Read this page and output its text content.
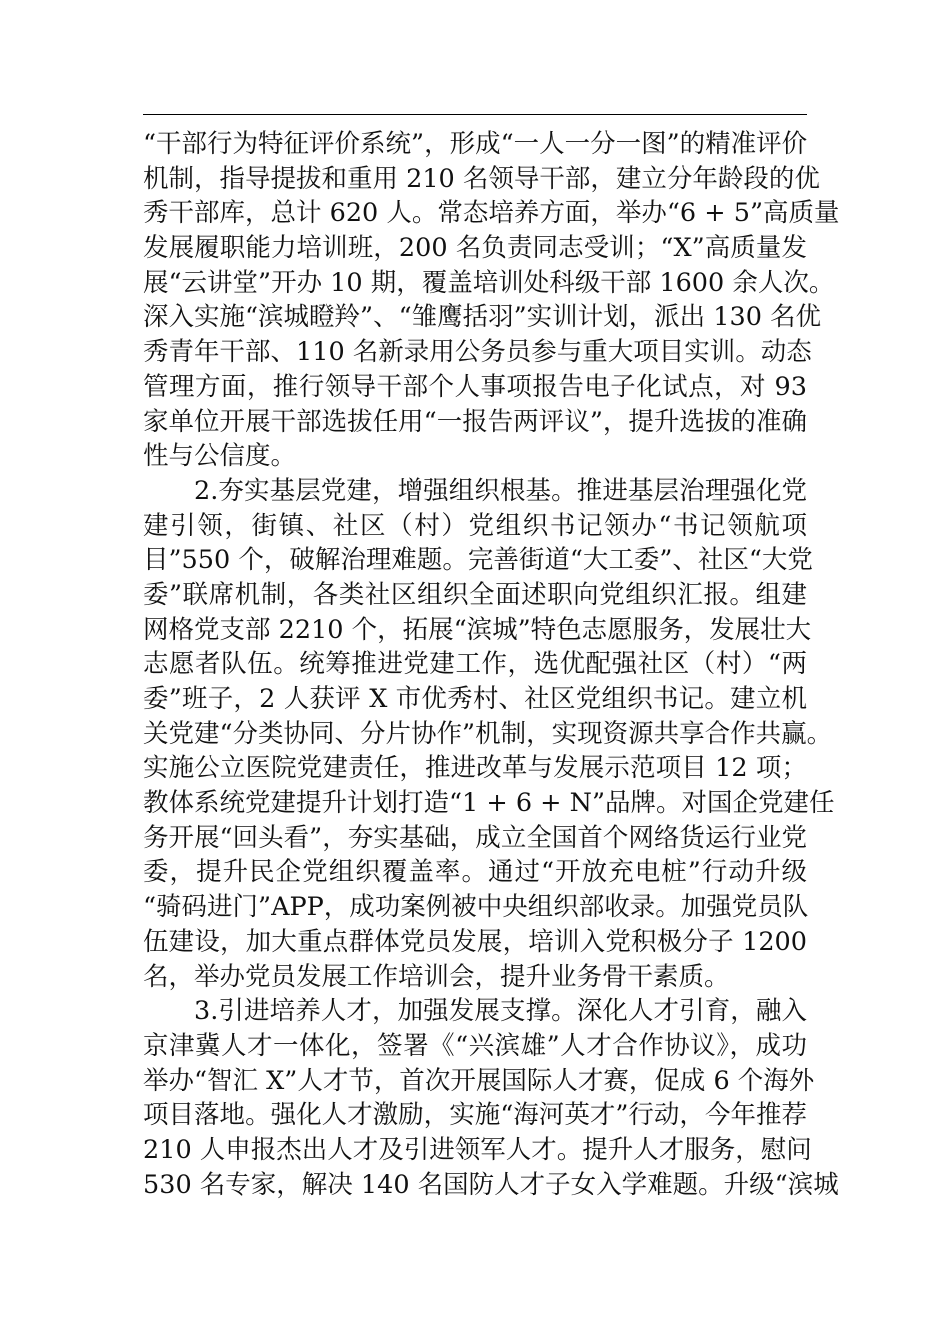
“干部行为特征评价系统”，形成“一人一分一图”的精准评价
机制，指导提拔和重用 210 名领导干部，建立分年龄段的优
秀干部库，总计 620 人。常态培养方面，举办“6 + 5”高质量
发展履职能力培训班，200 名负责同志受训；“X”高质量发
展“云讲堂”开办 10 期，覆盖培训处科级干部 1600 余人次。
深入实施“滨城瞪羚”、“雏鹰括羽”实训计划，派出 130 名优
秀青年干部、110 名新录用公务员参与重大项目实训。动态
管理方面，推行领导干部个人事项报告电子化试点，对 93
家单位开展干部选拔任用“一报告两评议”，提升选拔的准确
性与公信度。
2.夯实基层党建，增强组织根基。推进基层治理强化党
建引领，街镇、社区（村）党组织书记领办“书记领航项
目”550 个，破解治理难题。完善街道“大工委”、社区“大党
委”联席机制，各类社区组织全面述职向党组织汇报。组建
网格党支部 2210 个，拓展“滨城”特色志愿服务，发展壮大
志愿者队伍。统筹推进党建工作，选优配强社区（村）“两
委”班子，2 人获评 X 市优秀村、社区党组织书记。建立机
关党建“分类协同、分片协作”机制，实现资源共享合作共赢。
实施公立医院党建责任，推进改革与发展示范项目 12 项；
教体系统党建提升计划打造“1 + 6 + N”品牌。对国企党建任
务开展“回头看”，夯实基础，成立全国首个网络货运行业党
委，提升民企党组织覆盖率。通过“开放充电桩”行动升级
“骑码进门”APP，成功案例被中央组织部收录。加强党员队
伍建设，加大重点群体党员发展，培训入党积极分子 1200
名，举办党员发展工作培训会，提升业务骨干素质。
3.引进培养人才，加强发展支撑。深化人才引育，融入
京津冀人才一体化，签署《“兴滨雄”人才合作协议》，成功
举办“智汇 X”人才节，首次开展国际人才赛，促成 6 个海外
项目落地。强化人才激励，实施“海河英才”行动，今年推荐
210 人申报杰出人才及引进领军人才。提升人才服务，慰问
530 名专家，解决 140 名国防人才子女入学难题。升级“滨城
